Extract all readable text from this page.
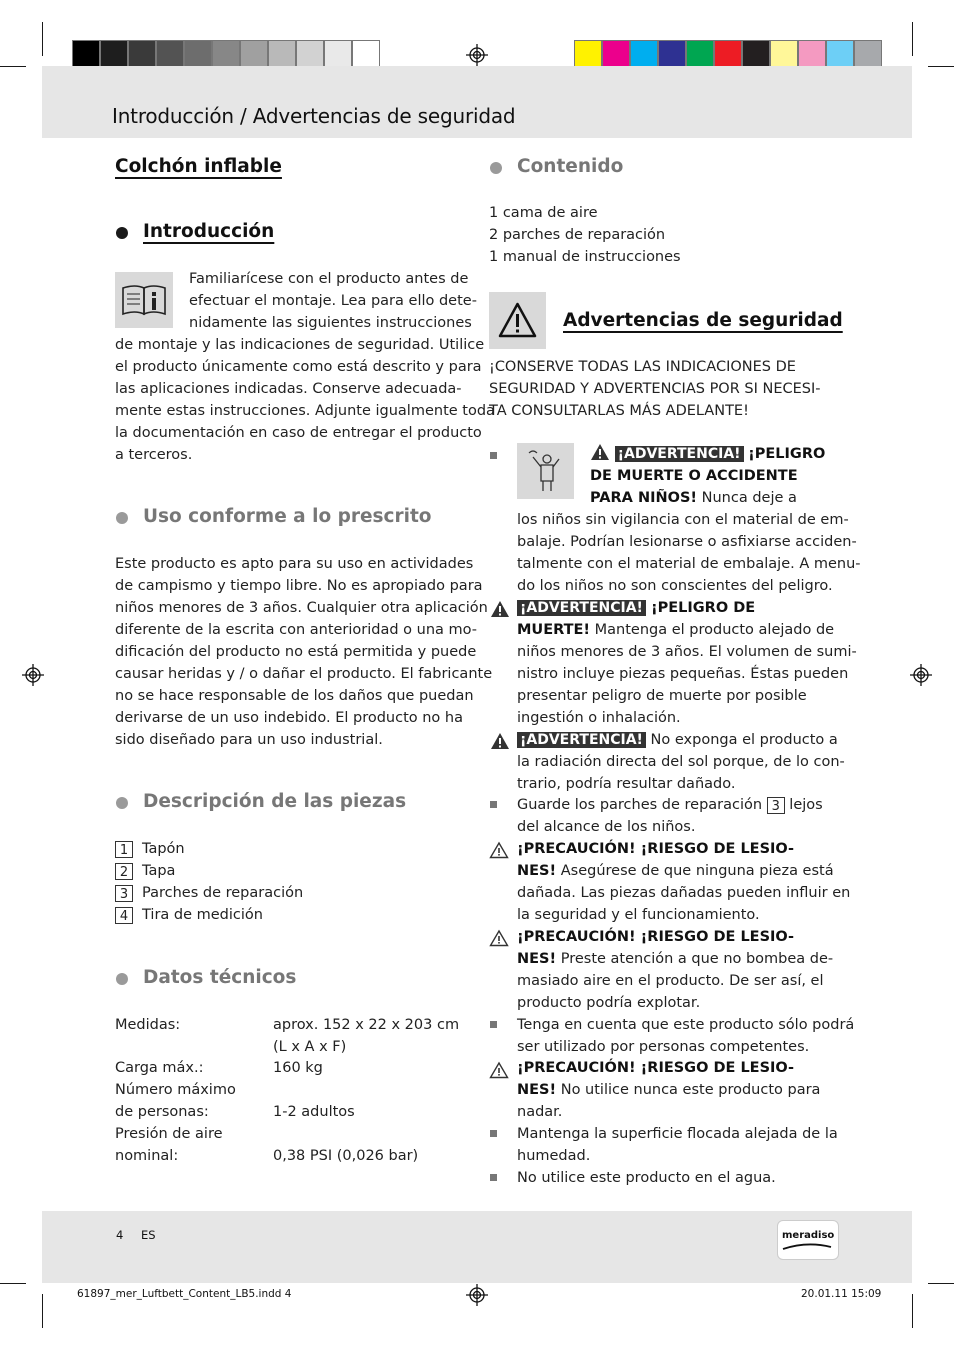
Introducción / Advertencias de seguridad
Colchón inflable
Introducción
Familiarícese con el producto antes de
efectuar el montaje. Lea para ello dete-
nidamente las siguientes instrucciones
de montaje y las indicaciones de seguridad. Utilice
el producto únicamente como está descrito y para
las aplicaciones indicadas. Conserve adecuada-
mente estas instrucciones. Adjunte igualmente toda
la documentación en caso de entregar el producto
a terceros.
Uso conforme a lo prescrito
Este producto es apto para su uso en actividades
de campismo y tiempo libre. No es apropiado para
niños menores de 3 años. Cualquier otra aplicación
diferente de la escrita con anterioridad o una mo-
dificación del producto no está permitida y puede
causar heridas y / o dañar el producto. El fabricante
no se hace responsable de los daños que puedan
derivarse de un uso indebido. El producto no ha
sido diseñado para un uso industrial.
Descripción de las piezas
1 Tapón
2 Tapa
3 Parches de reparación
4 Tira de medición
Datos técnicos
Medidas:	aprox. 152 x 22 x 203 cm
(L x A x F)
Carga máx.:	160 kg
Número máximo
de personas:	1-2 adultos
Presión de aire
nominal:	0,38 PSI (0,026 bar)
Contenido
1 cama de aire
2 parches de reparación
1 manual de instrucciones
Advertencias de seguridad
¡CONSERVE TODAS LAS INDICACIONES DE
SEGURIDAD Y ADVERTENCIAS POR SI NECESI-
TA CONSULTARLAS MÁS ADELANTE!
¡ADVERTENCIA! ¡PELIGRO
DE MUERTE O ACCIDENTE
PARA NIÑOS! Nunca deje a
los niños sin vigilancia con el material de em-
balaje. Podrían lesionarse o asfixiarse acciden-
talmente con el material de embalaje. A menu-
do los niños no son conscientes del peligro.
¡ADVERTENCIA! ¡PELIGRO DE
MUERTE! Mantenga el producto alejado de
niños menores de 3 años. El volumen de sumi-
nistro incluye piezas pequeñas. Éstas pueden
presentar peligro de muerte por posible
ingestión o inhalación.
¡ADVERTENCIA! No exponga el producto a
la radiación directa del sol porque, de lo con-
trario, podría resultar dañado.
Guarde los parches de reparación 3 lejos
del alcance de los niños.
¡PRECAUCIÓN! ¡RIESGO DE LESIO-
NES! Asegúrese de que ninguna pieza está
dañada. Las piezas dañadas pueden influir en
la seguridad y el funcionamiento.
¡PRECAUCIÓN! ¡RIESGO DE LESIO-
NES! Preste atención a que no bombea de-
masiado aire en el producto. De ser así, el
producto podría explotar.
Tenga en cuenta que este producto sólo podrá
ser utilizado por personas competentes.
¡PRECAUCIÓN! ¡RIESGO DE LESIO-
NES! No utilice nunca este producto para
nadar.
Mantenga la superficie flocada alejada de la
humedad.
No utilice este producto en el agua.
4 ES	meradiso
61897_mer_Luftbett_Content_LB5.indd 4	20.01.11 15:09
